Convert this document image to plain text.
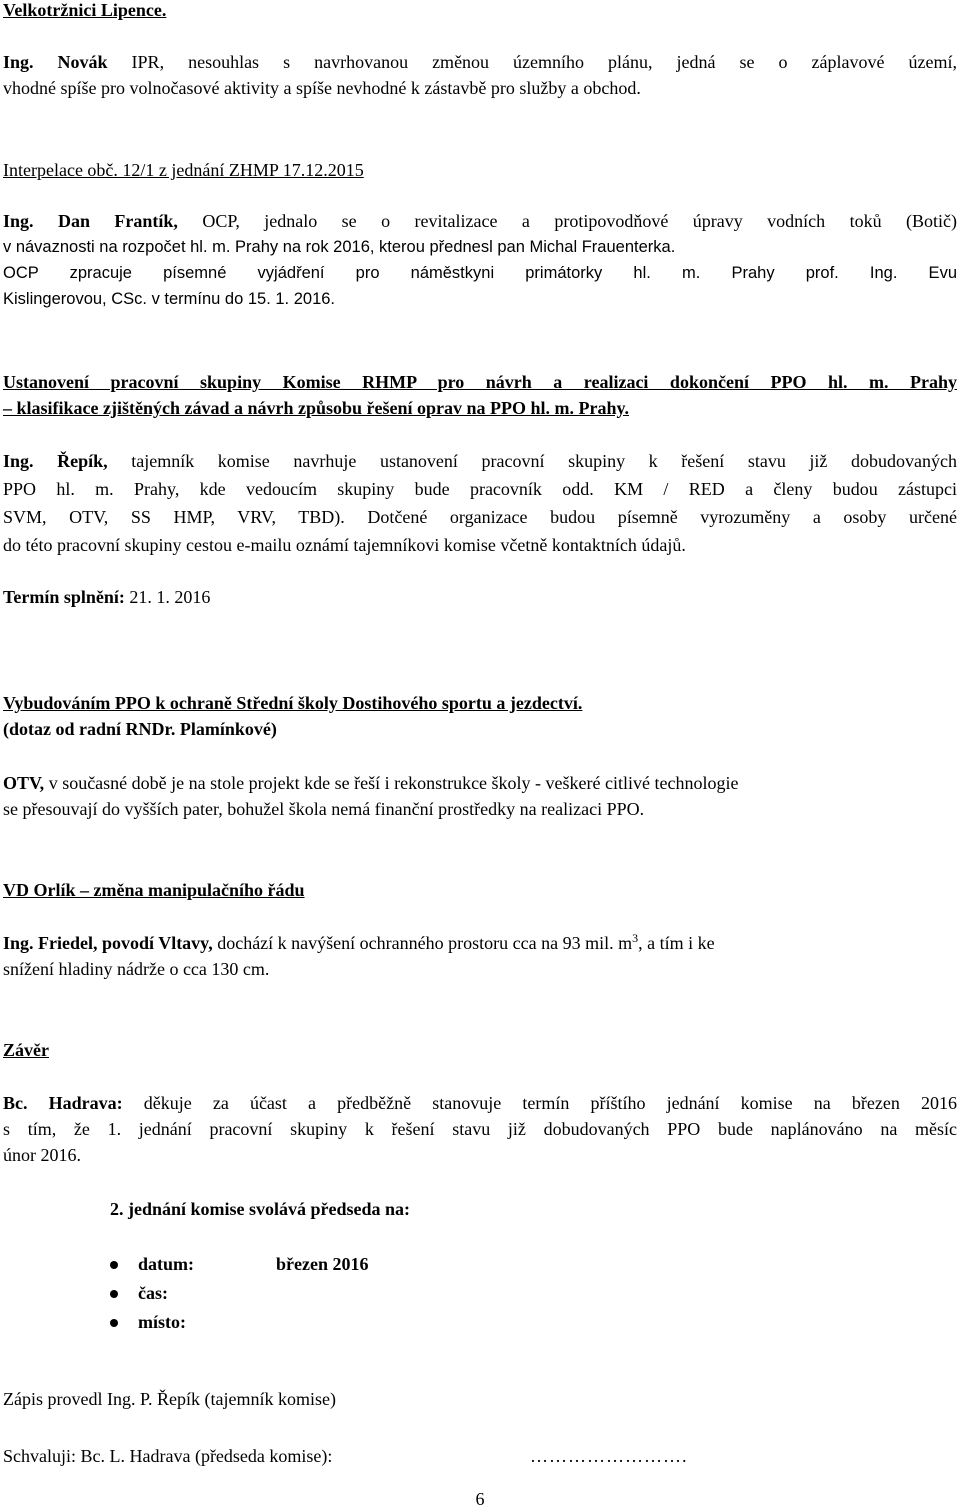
Velkotržnici Lipence.

Ing. Novák IPR, nesouhlas s navrhovanou změnou územního plánu, jedná se o záplavové území,

vhodné spíše pro volnočasové aktivity a spíše nevhodné k zástavbě pro služby a obchod.

Interpelace obč. 12/1 z jednání ZHMP 17.12.2015

Ing. Dan Frantík, OCP, jednalo se o revitalizace a protipovodňové úpravy vodních toků (Botič)

v návaznosti na rozpočet hl. m. Prahy na rok 2016, kterou přednesl pan Michal Frauenterka.

OCP zpracuje písemné vyjádření pro náměstkyni primátorky hl. m. Prahy prof. Ing. Evu

Kislingerovou, CSc. v termínu do 15. 1. 2016.

Ustanovení pracovní skupiny Komise RHMP pro návrh a realizaci dokončení PPO hl. m. Prahy

– klasifikace zjištěných závad a návrh způsobu řešení oprav na PPO hl. m. Prahy.

Ing. Řepík, tajemník komise navrhuje ustanovení pracovní skupiny k řešení stavu již dobudovaných

PPO hl. m. Prahy, kde vedoucím skupiny bude pracovník odd. KM / RED a členy budou zástupci

SVM, OTV, SS HMP, VRV, TBD). Dotčené organizace budou písemně vyrozuměny a osoby určené

do této pracovní skupiny cestou e-mailu oznámí tajemníkovi komise včetně kontaktních údajů.

Termín splnění: 21. 1. 2016

Vybudováním PPO k ochraně Střední školy Dostihového sportu a jezdectví.

(dotaz od radní RNDr. Plamínkové)

OTV, v současné době je na stole projekt kde se řeší i rekonstrukce školy - veškeré citlivé technologie

se přesouvají do vyšších pater, bohužel škola nemá finanční prostředky na realizaci PPO.

VD Orlík – změna manipulačního řádu

Ing. Friedel, povodí Vltavy, dochází k navýšení ochranného prostoru cca na 93 mil. $m^3$, a tím i ke

snížení hladiny nádrže o cca 130 cm.

Závěr

Bc. Hadrava: děkuje za účast a předběžně stanovuje termín příštího jednání komise na březen 2016

s tím, že 1. jednání pracovní skupiny k řešení stavu již dobudovaných PPO bude naplánováno na měsíc

únor 2016.

2. jednání komise svolává předseda na:

datum:	březen 2016
čas:
místo:

Zápis provedl Ing. P. Řepík (tajemník komise)

Schvaluji: Bc. L. Hadrava (předseda komise):	…………………….
6
